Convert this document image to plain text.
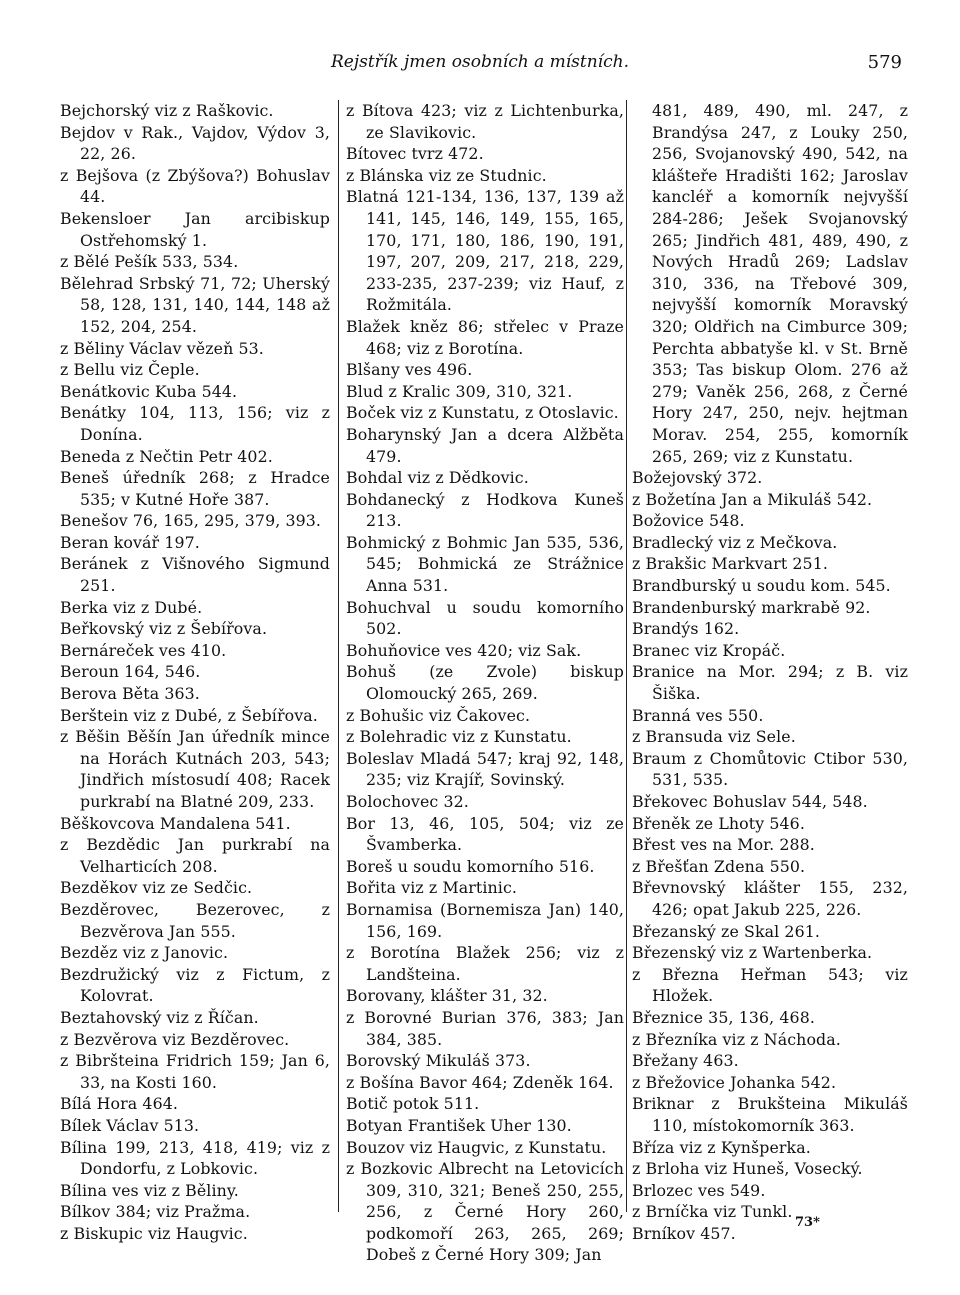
Rejstřík jmen osobních a místních.	579
Bejchorský viz z Raškovic.
Bejdov v Rak., Vajdov, Výdov 3, 22, 26.
z Bejšova (z Zbýšova?) Bohuslav 44.
Bekensloer Jan arcibiskup Ostřehomský 1.
z Bělé Pešík 533, 534.
Bělehrad Srbský 71, 72; Uherský 58, 128, 131, 140, 144, 148 až 152, 204, 254.
z Běliny Václav vězeň 53.
z Bellu viz Čeple.
Benátkovic Kuba 544.
Benátky 104, 113, 156; viz z Donína.
Beneda z Nečtin Petr 402.
Beneš úředník 268; z Hradce 535; v Kutné Hoře 387.
Benešov 76, 165, 295, 379, 393.
Beran kovář 197.
Beránek z Višnového Sigmund 251.
Berka viz z Dubé.
Beřkovský viz z Šebířova.
Bernáreček ves 410.
Beroun 164, 546.
Berova Běta 363.
Berštein viz z Dubé, z Šebířova.
z Běšin Běšín Jan úředník mince na Horách Kutnách 203, 543; Jindřich místosudí 408; Racek purkrabí na Blatné 209, 233.
Běškovcova Mandalena 541.
z Bezdědic Jan purkrabí na Velharticích 208.
Bezděkov viz ze Sedčic.
Bezděrovec, Bezerovec, z Bezvěrova Jan 555.
Bezděz viz z Janovic.
Bezdružický viz z Fictum, z Kolovrat.
Beztahovský viz z Říčan.
z Bezvěrova viz Bezděrovec.
z Bibršteina Fridrich 159; Jan 6, 33, na Kosti 160.
Bílá Hora 464.
Bílek Václav 513.
Bílina 199, 213, 418, 419; viz z Dondorfu, z Lobkovic.
Bílina ves viz z Běliny.
Bílkov 384; viz Pražma.
z Biskupic viz Haugvic.
z Bítova 423; viz z Lichtenburka, ze Slavikovic.
Bítovec tvrz 472.
z Blánska viz ze Studnic.
Blatná 121-134, 136, 137, 139 až 141, 145, 146, 149, 155, 165, 170, 171, 180, 186, 190, 191, 197, 207, 209, 217, 218, 229, 233-235, 237-239; viz Hauf, z Rožmitála.
Blažek kněz 86; střelec v Praze 468; viz z Borotína.
Blšany ves 496.
Blud z Kralic 309, 310, 321.
Boček viz z Kunstatu, z Otoslavic.
Boharynský Jan a dcera Alžběta 479.
Bohdal viz z Dědkovic.
Bohdanecký z Hodkova Kuneš 213.
Bohmický z Bohmic Jan 535, 536, 545; Bohmická ze Strážnice Anna 531.
Bohuchval u soudu komorního 502.
Bohuňovice ves 420; viz Sak.
Bohuš (ze Zvole) biskup Olomoucký 265, 269.
z Bohušic viz Čakovec.
z Bolehradic viz z Kunstatu.
Boleslav Mladá 547; kraj 92, 148, 235; viz Krajíř, Sovinský.
Bolochovec 32.
Bor 13, 46, 105, 504; viz ze Švamberka.
Boreš u soudu komorního 516.
Bořita viz z Martinic.
Bornamisa (Bornemisza Jan) 140, 156, 169.
z Borotína Blažek 256; viz z Landšteina.
Borovany, klášter 31, 32.
z Borovné Burian 376, 383; Jan 384, 385.
Borovský Mikuláš 373.
z Bošína Bavor 464; Zdeněk 164.
Botič potok 511.
Botyan František Uher 130.
Bouzov viz Haugvic, z Kunstatu.
z Bozkovic Albrecht na Letovicích 309, 310, 321; Beneš 250, 255, 256, z Černé Hory 260, podkomoří 263, 265, 269; Dobeš z Černé Hory 309; Jan
481, 489, 490, ml. 247, z Brandýsa 247, z Louky 250, 256, Svojanovský 490, 542, na klášteře Hradišti 162; Jaroslav kancléř a komorník nejvyšší 284-286; Ješek Svojanovský 265; Jindřich 481, 489, 490, z Nových Hradů 269; Ladslav 310, 336, na Třebové 309, nejvyšší komorník Moravský 320; Oldřich na Cimburce 309; Perchta abbatyše kl. v St. Brně 353; Tas biskup Olom. 276 až 279; Vaněk 256, 268, z Černé Hory 247, 250, nejv. hejtman Morav. 254, 255, komorník 265, 269; viz z Kunstatu.
Božejovský 372.
z Božetína Jan a Mikuláš 542.
Božovice 548.
Bradlecký viz z Mečkova.
z Brakšic Markvart 251.
Brandburský u soudu kom. 545.
Brandenburský markrabě 92.
Brandýs 162.
Branec viz Kropáč.
Branice na Mor. 294; z B. viz Šiška.
Branná ves 550.
z Bransuda viz Sele.
Braum z Chomůtovic Ctibor 530, 531, 535.
Břekovec Bohuslav 544, 548.
Břeněk ze Lhoty 546.
Břest ves na Mor. 288.
z Břešťan Zdena 550.
Břevnovský klášter 155, 232, 426; opat Jakub 225, 226.
Březanský ze Skal 261.
Březenský viz z Wartenberka.
z Března Heřman 543; viz Hložek.
Březnice 35, 136, 468.
z Březníka viz z Náchoda.
Břežany 463.
z Břežovice Johanka 542.
Briknar z Brukšteina Mikuláš 110, místokomorník 363.
Bříza viz z Kynšperka.
z Brloha viz Huneš, Vosecký.
Brlozec ves 549.
z Brníčka viz Tunkl.
Brníkov 457.
73*
